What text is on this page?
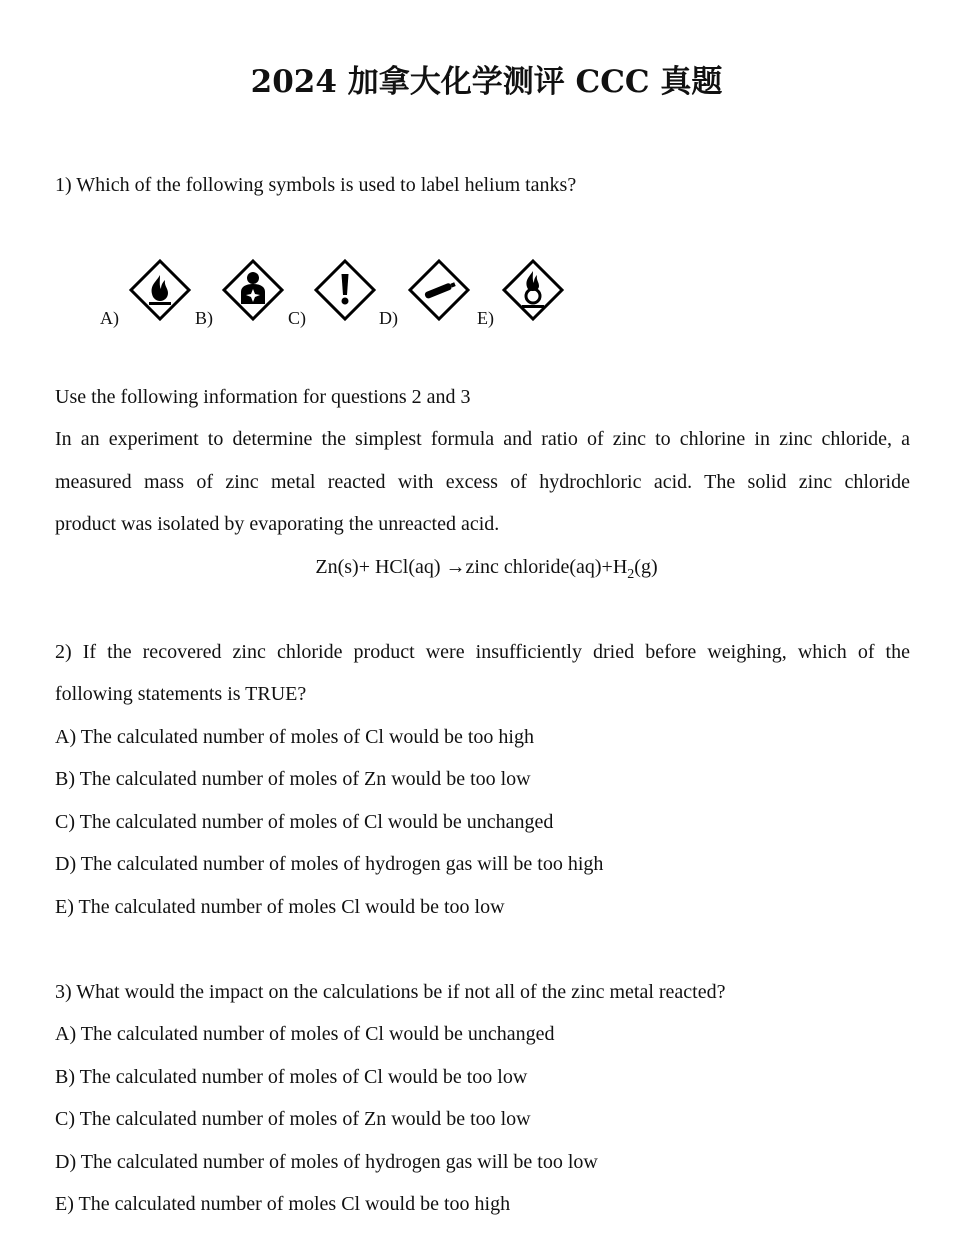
2024 加拿大化学测评 CCC 真题
1) Which of the following symbols is used to label helium tanks?
A)	B)	C)	D)	E)
Use the following information for questions 2 and 3
In an experiment to determine the simplest formula and ratio of zinc to chlorine in zinc chloride, a
measured mass of zinc metal reacted with excess of hydrochloric acid. The solid zinc chloride
product was isolated by evaporating the unreacted acid.
Zn(s)+ HCl(aq) →zinc $chloride(aq)+H_2(g)$
2) If the recovered zinc chloride product were insufficiently dried before weighing, which of the
following statements is TRUE?
A) The calculated number of moles of Cl would be too high
B) The calculated number of moles of Zn would be too low
C) The calculated number of moles of Cl would be unchanged
D) The calculated number of moles of hydrogen gas will be too high
E) The calculated number of moles Cl would be too low
3) What would the impact on the calculations be if not all of the zinc metal reacted?
A) The calculated number of moles of Cl would be unchanged
B) The calculated number of moles of Cl would be too low
C) The calculated number of moles of Zn would be too low
D) The calculated number of moles of hydrogen gas will be too low
E) The calculated number of moles Cl would be too high
